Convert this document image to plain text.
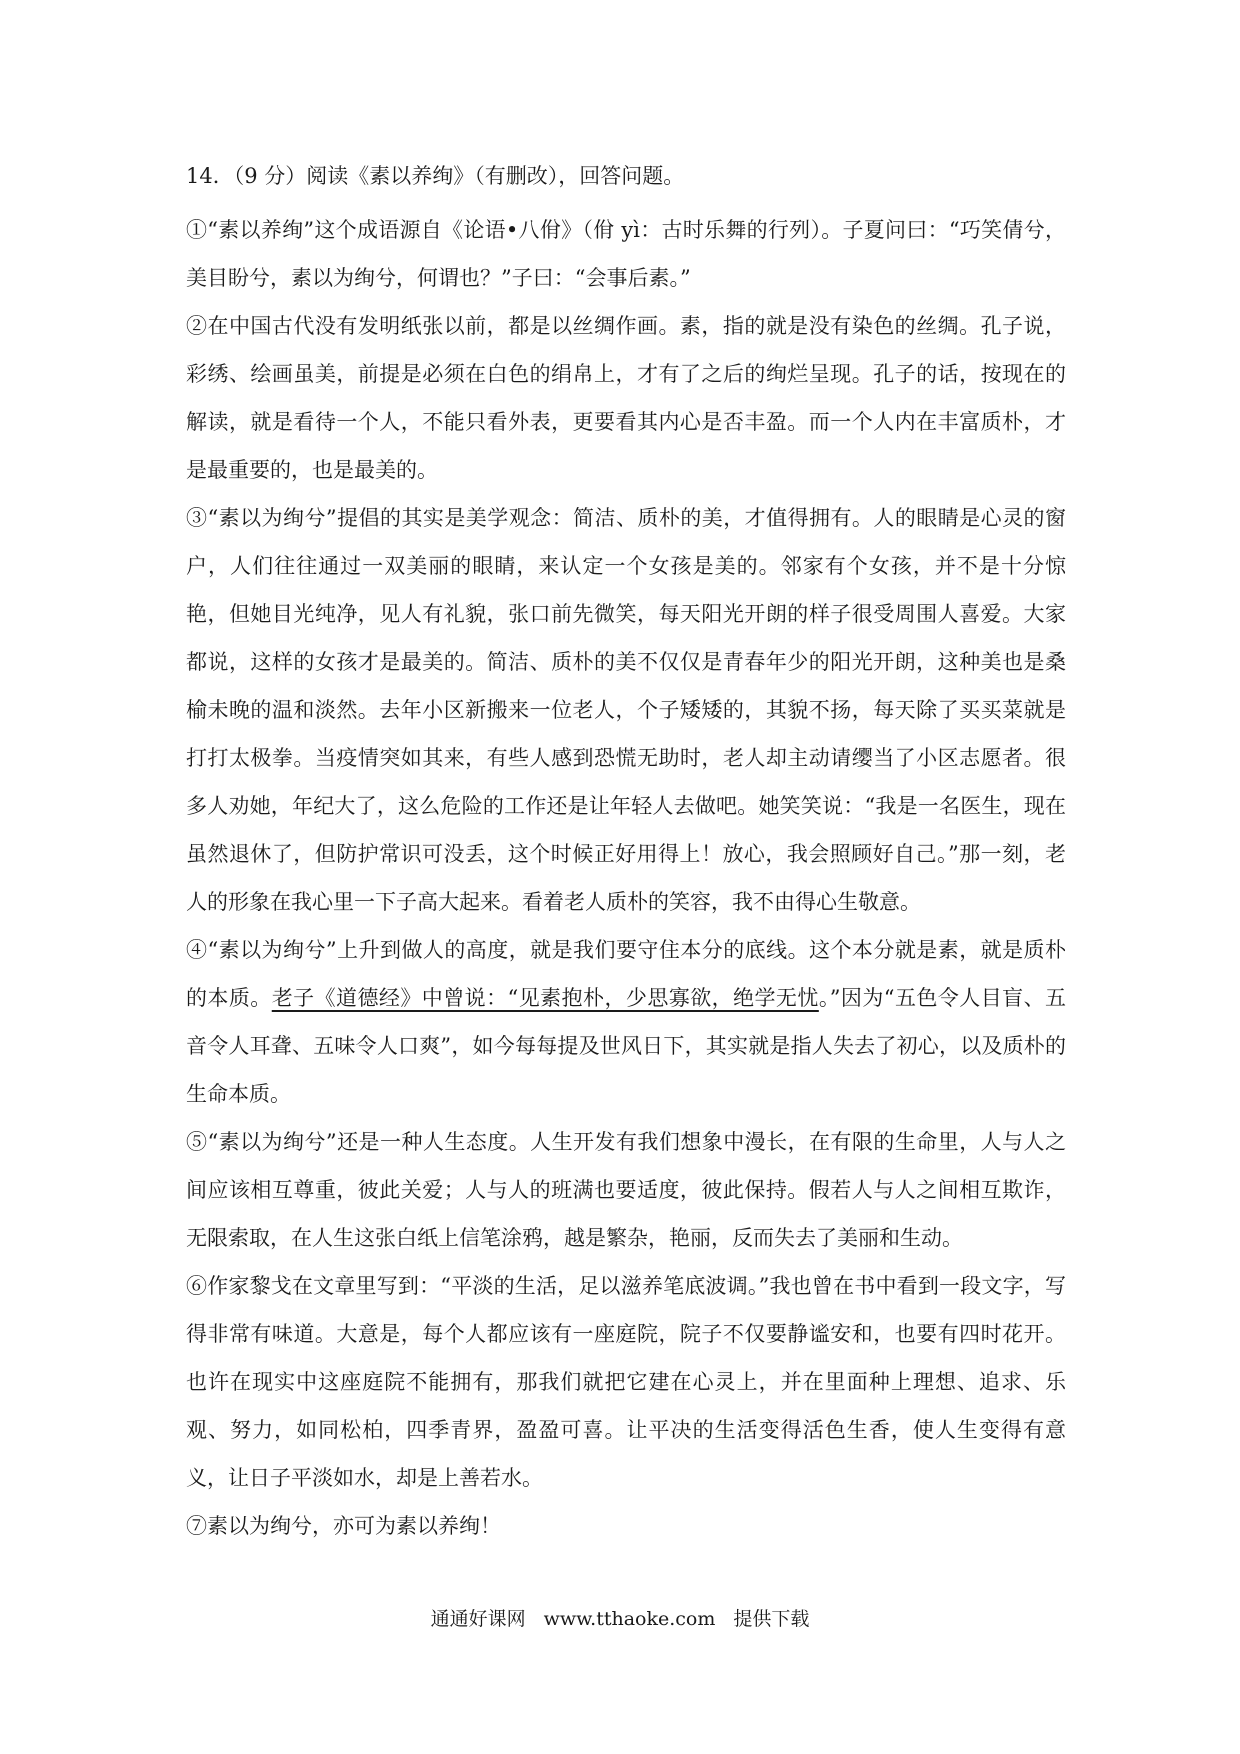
14．（9 分）阅读《素以养绚》（有删改），回答问题。

①“素以养绚”这个成语源自《论语•八佾》（佾 yì：古时乐舞的行列）。子夏问曰：“巧笑倩兮，美目盼兮，素以为绚兮，何谓也？”子曰：“会事后素。”

②在中国古代没有发明纸张以前，都是以丝绸作画。素，指的就是没有染色的丝绸。孔子说，彩绣、绘画虽美，前提是必须在白色的绢帛上，才有了之后的绚烂呈现。孔子的话，按现在的解读，就是看待一个人，不能只看外表，更要看其内心是否丰盈。而一个人内在丰富质朴，才是最重要的，也是最美的。

③“素以为绚兮”提倡的其实是美学观念：简洁、质朴的美，才值得拥有。人的眼睛是心灵的窗户，人们往往通过一双美丽的眼睛，来认定一个女孩是美的。邻家有个女孩，并不是十分惊艳，但她目光纯净，见人有礼貌，张口前先微笑，每天阳光开朗的样子很受周围人喜爱。大家都说，这样的女孩才是最美的。简洁、质朴的美不仅仅是青春年少的阳光开朗，这种美也是桑榆未晚的温和淡然。去年小区新搬来一位老人，个子矮矮的，其貌不扬，每天除了买买菜就是打打太极拳。当疫情突如其来，有些人感到恐慌无助时，老人却主动请缨当了小区志愿者。很多人劝她，年纪大了，这么危险的工作还是让年轻人去做吧。她笑笑说：“我是一名医生，现在虽然退休了，但防护常识可没丢，这个时候正好用得上！放心，我会照顾好自己。”那一刻，老人的形象在我心里一下子高大起来。看着老人质朴的笑容，我不由得心生敬意。

④“素以为绚兮”上升到做人的高度，就是我们要守住本分的底线。这个本分就是素，就是质朴的本质。老子《道德经》中曾说：“见素抱朴，少思寡欲，绝学无忧。”因为“五色令人目盲、五音令人耳聋、五味令人口爽”，如今每每提及世风日下，其实就是指人失去了初心，以及质朴的生命本质。

⑤“素以为绚兮”还是一种人生态度。人生开发有我们想象中漫长，在有限的生命里，人与人之间应该相互尊重，彼此关爱；人与人的班满也要适度，彼此保持。假若人与人之间相互欺诈，无限索取，在人生这张白纸上信笔涂鸦，越是繁杂，艳丽，反而失去了美丽和生动。

⑥作家黎戈在文章里写到：“平淡的生活，足以滋养笔底波调。”我也曾在书中看到一段文字，写得非常有味道。大意是，每个人都应该有一座庭院，院子不仅要静谧安和，也要有四时花开。也许在现实中这座庭院不能拥有，那我们就把它建在心灵上，并在里面种上理想、追求、乐观、努力，如同松柏，四季青界，盈盈可喜。让平决的生活变得活色生香，使人生变得有意义，让日子平淡如水，却是上善若水。

⑦素以为绚兮，亦可为素以养绚！

通通好课网 www.tthaoke.com 提供下载
